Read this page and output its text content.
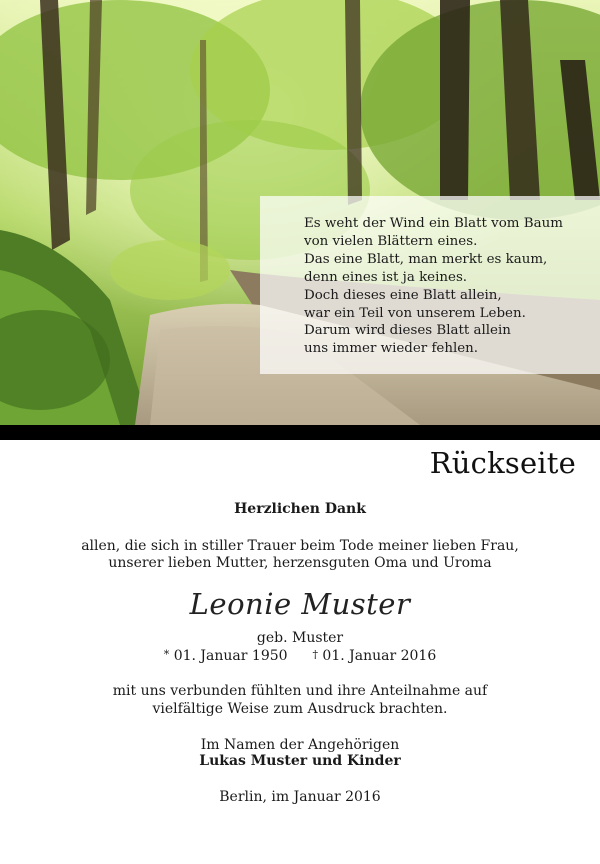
Es weht der Wind ein Blatt vom Baum
von vielen Blättern eines.
Das eine Blatt, man merkt es kaum,
denn eines ist ja keines.
Doch dieses eine Blatt allein,
war ein Teil von unserem Leben.
Darum wird dieses Blatt allein
uns immer wieder fehlen.
Rückseite
Herzlichen Dank
allen, die sich in stiller Trauer beim Tode meiner lieben Frau,
unserer lieben Mutter, herzensguten Oma und Uroma
Leonie Muster
geb. Muster
* 01. Januar 1950 † 01. Januar 2016
mit uns verbunden fühlten und ihre Anteilnahme auf
vielfältige Weise zum Ausdruck brachten.
Im Namen der Angehörigen
Lukas Muster und Kinder
Berlin, im Januar 2016
